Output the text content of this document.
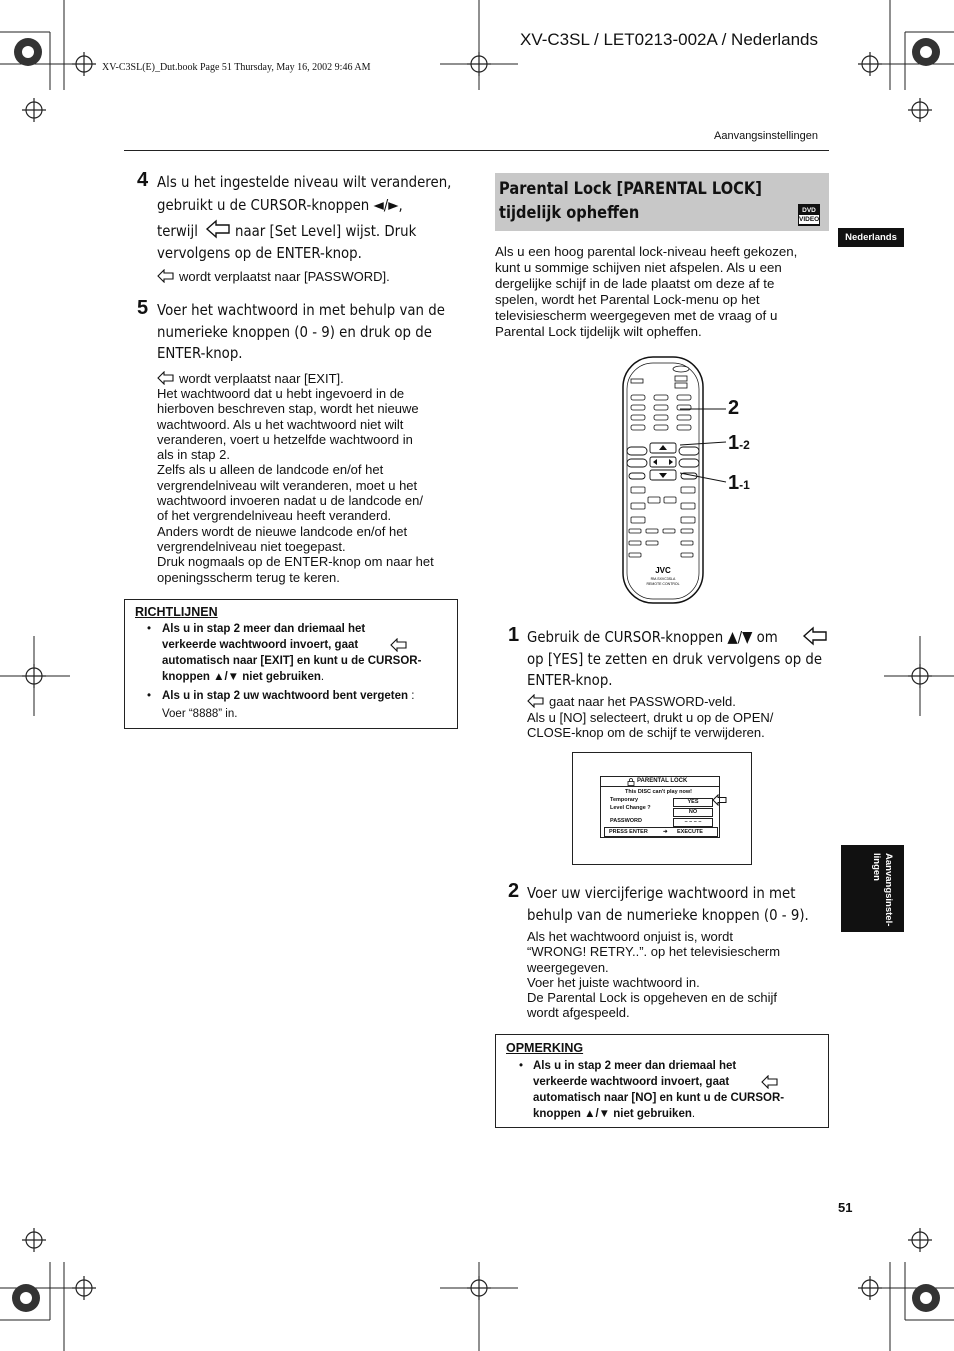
XV-C3SL / LET0213-002A / Nederlands
XV-C3SL(E)_Dut.book Page 51 Thursday, May 16, 2002 9:46 AM
Aanvangsinstellingen
4 Als u het ingestelde niveau wilt veranderen,
gebruikt u de CURSOR-knoppen ◄/►,
terwijl naar [Set Level] wijst. Druk
vervolgens op de ENTER-knop.
wordt verplaatst naar [PASSWORD].
5 Voer het wachtwoord in met behulp van de
numerieke knoppen (0 - 9) en druk op de
ENTER-knop.
wordt verplaatst naar [EXIT].
Het wachtwoord dat u hebt ingevoerd in de
hierboven beschreven stap, wordt het nieuwe
wachtwoord. Als u het wachtwoord niet wilt
veranderen, voert u hetzelfde wachtwoord in
als in stap 2.
Zelfs als u alleen de landcode en/of het
vergrendelniveau wilt veranderen, moet u het
wachtwoord invoeren nadat u de landcode en/
of het vergrendelniveau heeft veranderd.
Anders wordt de nieuwe landcode en/of het
vergrendelniveau niet toegepast.
Druk nogmaals op de ENTER-knop om naar het
openingsscherm terug te keren.
RICHTLIJNEN
• Als u in stap 2 meer dan driemaal het
verkeerde wachtwoord invoert, gaat
automatisch naar [EXIT] en kunt u de CURSOR-
knoppen ▲/▼ niet gebruiken.
• Als u in stap 2 uw wachtwoord bent vergeten :
Voer “8888” in.
Parental Lock [PARENTAL LOCK]
tijdelijk opheffen	DVD
VIDEO
Als u een hoog parental lock-niveau heeft gekozen,
kunt u sommige schijven niet afspelen. Als u een
dergelijke schijf in de lade plaatst om deze af te
spelen, wordt het Parental Lock-menu op het
televisiescherm weergegeven met de vraag of u
Parental Lock tijdelijk wilt opheffen.
JVC
RM-SXVC3SLA
REMOTE CONTROL
2
1-2
1-1
1 Gebruik de CURSOR-knoppen ▲/▼ om
op [YES] te zetten en druk vervolgens op de
ENTER-knop.
gaat naar het PASSWORD-veld.
Als u [NO] selecteert, drukt u op de OPEN/
CLOSE-knop om de schijf te verwijderen.
PARENTAL LOCK
This DISC can't play now!
Temporary
Level Change ?
YES
NO
PASSWORD	– – – –
PRESS ENTER	➜ EXECUTE
2 Voer uw viercijferige wachtwoord in met
behulp van de numerieke knoppen (0 - 9).
Als het wachtwoord onjuist is, wordt
“WRONG! RETRY..”. op het televisiescherm
weergegeven.
Voer het juiste wachtwoord in.
De Parental Lock is opgeheven en de schijf
wordt afgespeeld.
OPMERKING
• Als u in stap 2 meer dan driemaal het
verkeerde wachtwoord invoert, gaat
automatisch naar [NO] en kunt u de CURSOR-
knoppen ▲/▼ niet gebruiken.
Nederlands
Aanvangsinstel- lingen
51
